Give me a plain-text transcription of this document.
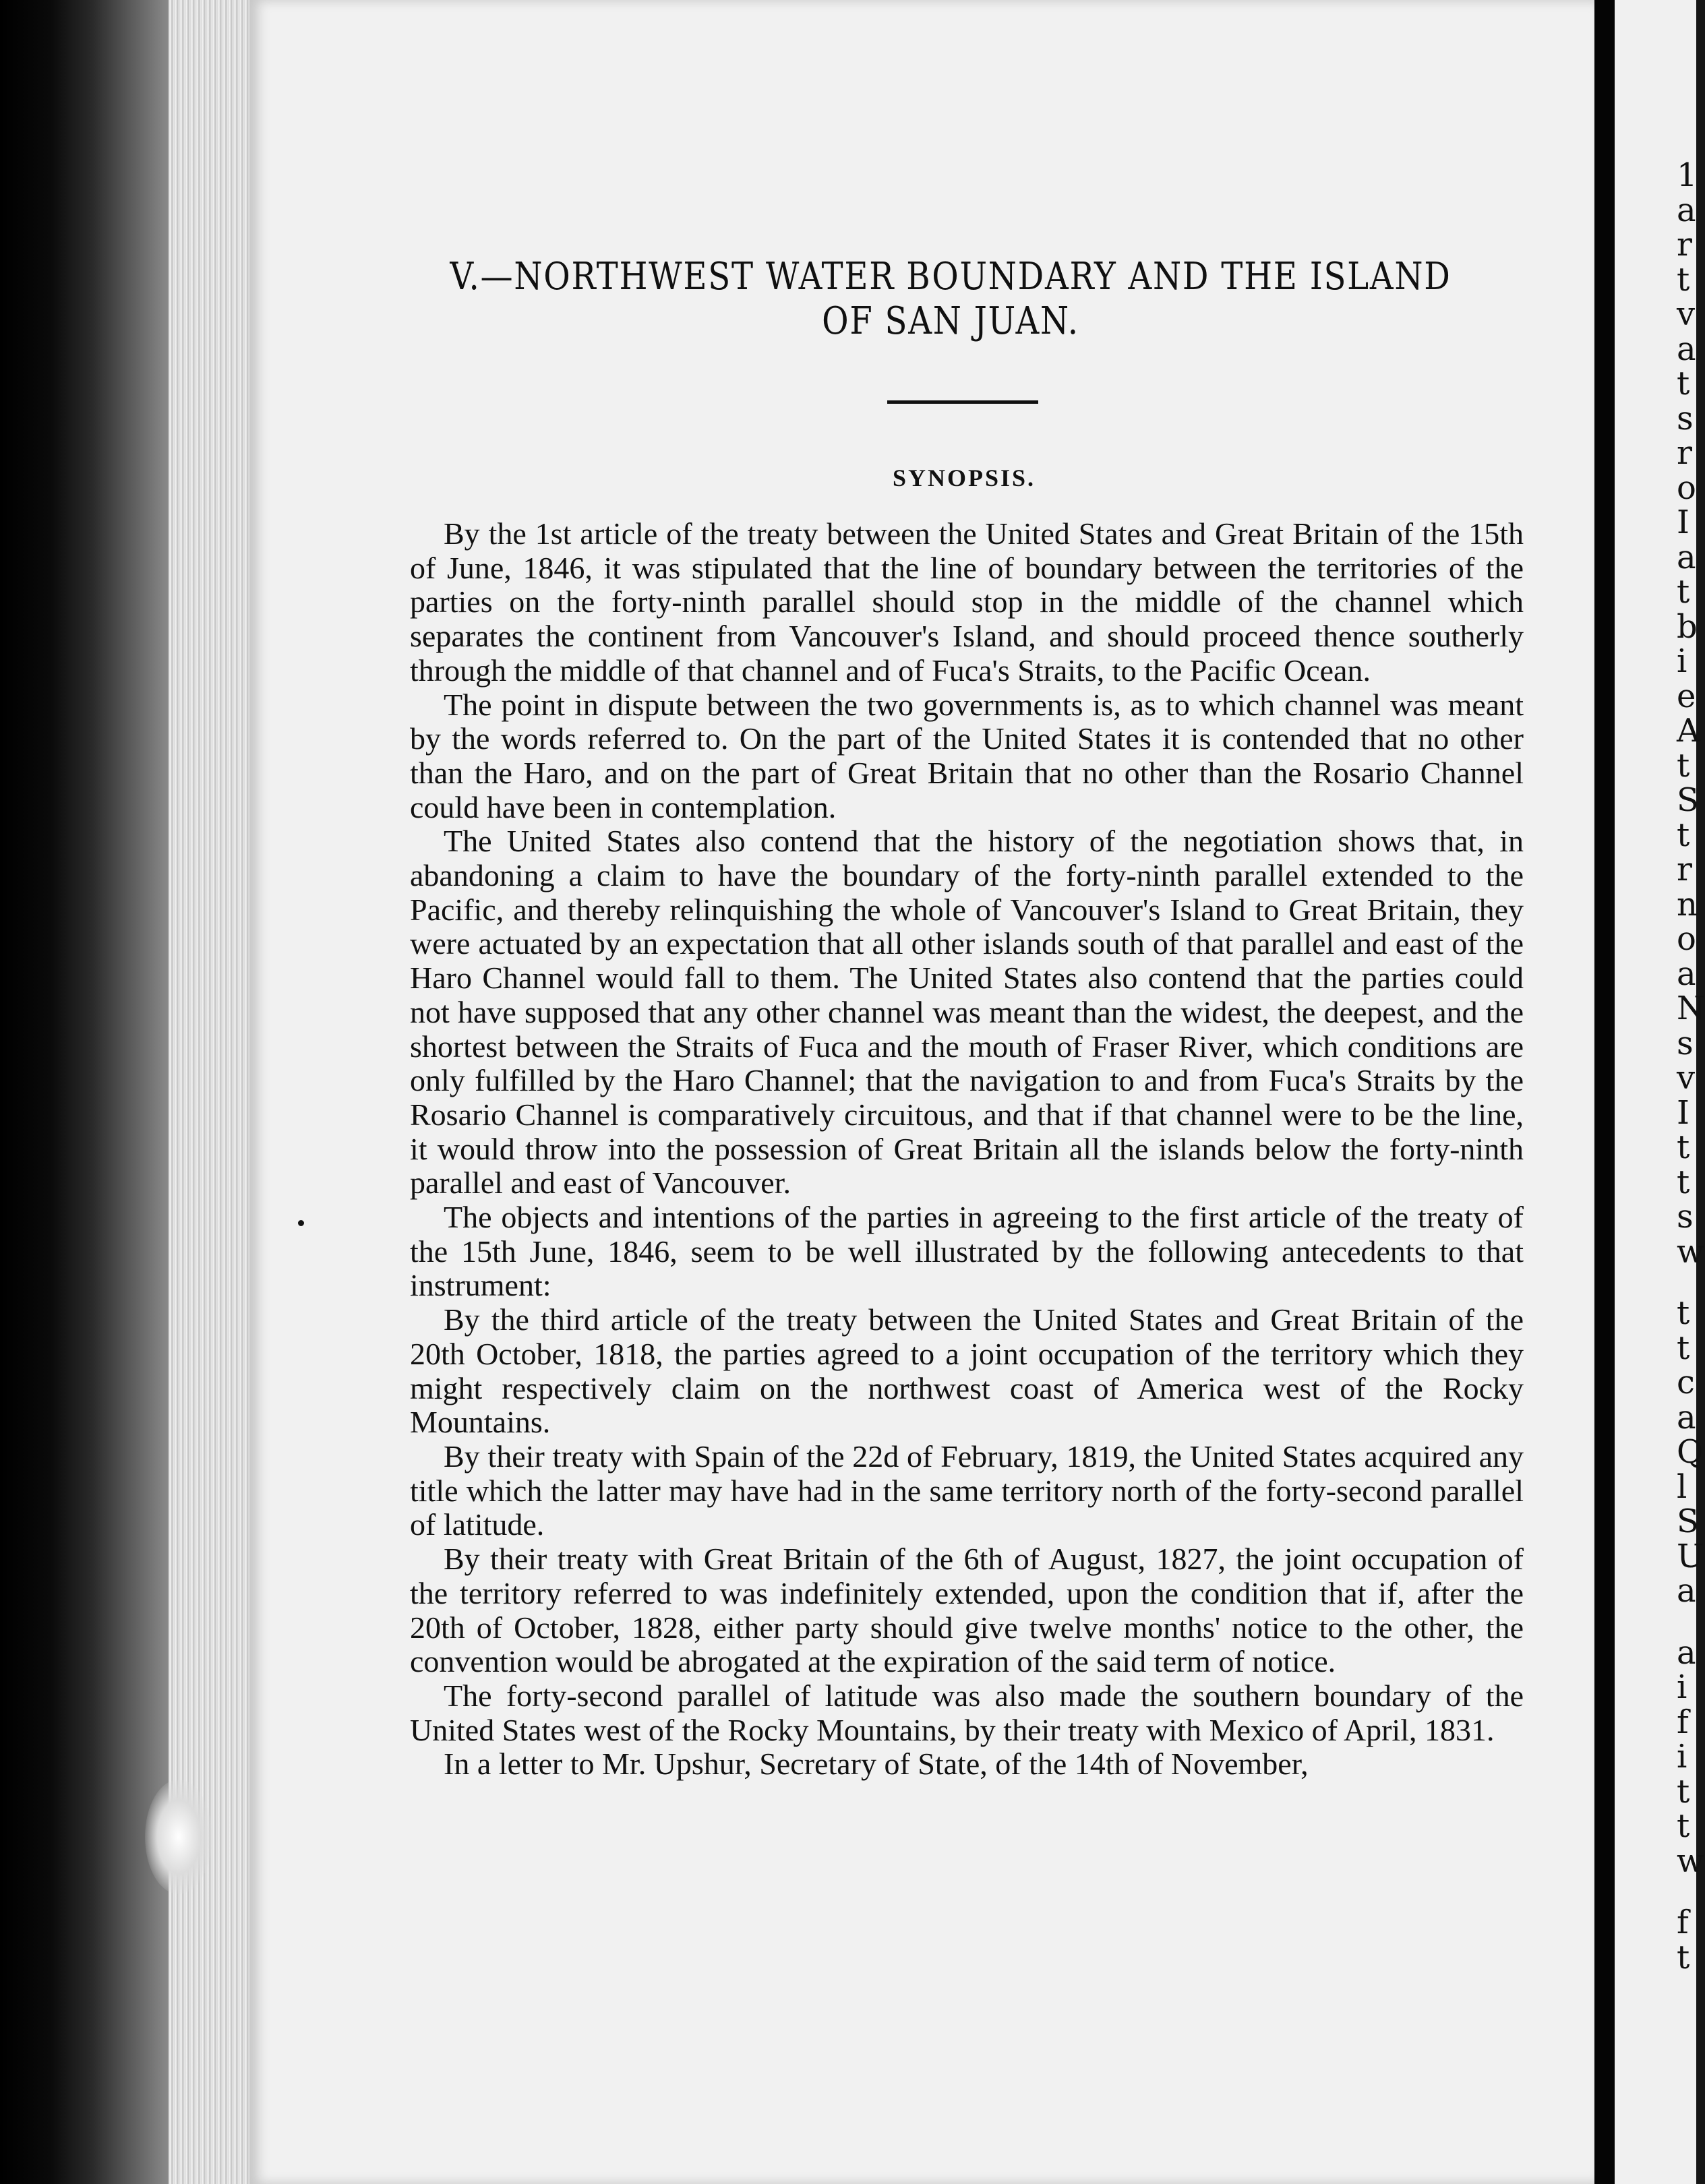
V.—NORTHWEST WATER BOUNDARY AND THE ISLAND OF SAN JUAN.
SYNOPSIS.

By the 1st article of the treaty between the United States and Great Britain of the 15th of June, 1846, it was stipulated that the line of boundary between the territories of the parties on the forty-ninth parallel should stop in the middle of the channel which separates the continent from Vancouver's Island, and should proceed thence southerly through the middle of that channel and of Fuca's Straits, to the Pacific Ocean.

The point in dispute between the two governments is, as to which channel was meant by the words referred to. On the part of the United States it is contended that no other than the Haro, and on the part of Great Britain that no other than the Rosario Channel could have been in contemplation.

The United States also contend that the history of the negotiation shows that, in abandoning a claim to have the boundary of the forty-ninth parallel extended to the Pacific, and thereby relinquishing the whole of Vancouver's Island to Great Britain, they were actuated by an expectation that all other islands south of that parallel and east of the Haro Channel would fall to them. The United States also contend that the parties could not have supposed that any other channel was meant than the widest, the deepest, and the shortest between the Straits of Fuca and the mouth of Fraser River, which conditions are only fulfilled by the Haro Channel; that the navigation to and from Fuca's Straits by the Rosario Channel is comparatively circuitous, and that if that channel were to be the line, it would throw into the possession of Great Britain all the islands below the forty-ninth parallel and east of Vancouver.

The objects and intentions of the parties in agreeing to the first article of the treaty of the 15th June, 1846, seem to be well illustrated by the following antecedents to that instrument:

By the third article of the treaty between the United States and Great Britain of the 20th October, 1818, the parties agreed to a joint occupation of the territory which they might respectively claim on the northwest coast of America west of the Rocky Mountains.

By their treaty with Spain of the 22d of February, 1819, the United States acquired any title which the latter may have had in the same territory north of the forty-second parallel of latitude.

By their treaty with Great Britain of the 6th of August, 1827, the joint occupation of the territory referred to was indefinitely extended, upon the condition that if, after the 20th of October, 1828, either party should give twelve months' notice to the other, the convention would be abrogated at the expiration of the said term of notice.

The forty-second parallel of latitude was also made the southern boundary of the United States west of the Rocky Mountains, by their treaty with Mexico of April, 1831.

In a letter to Mr. Upshur, Secretary of State, of the 14th of November,

1
a
r
t
v
a
t
s
r
o
I
a
t
b
i
e
A
t
S
t
r
n
o
a
N
s
v
I
t
t
s
w
t
t
c
a
Q
l
S
U
a
a
i
f
i
t
t
w
f
t
